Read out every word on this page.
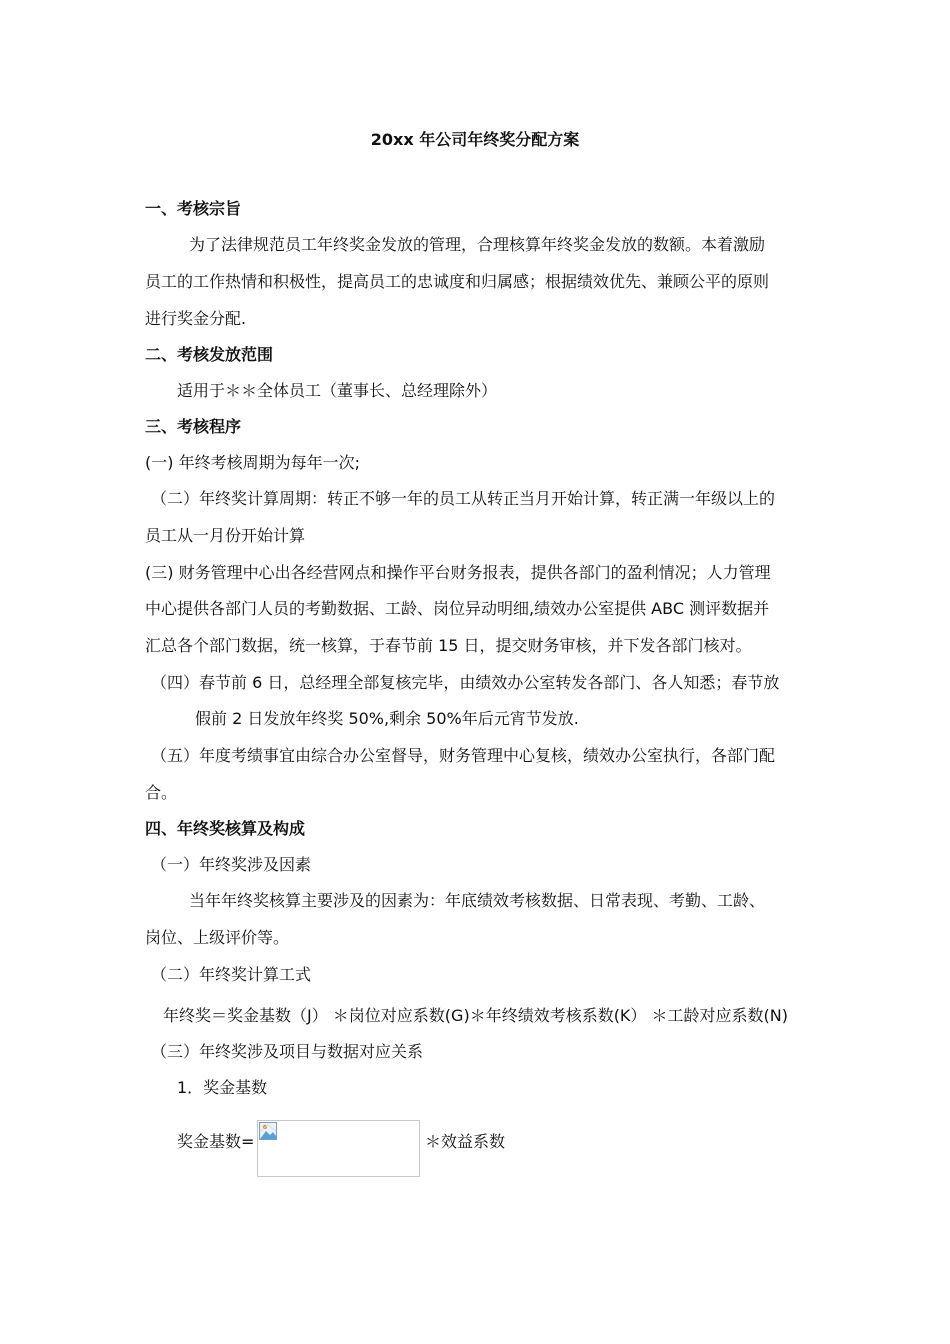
20xx 年公司年终奖分配方案
一、考核宗旨
为了法律规范员工年终奖金发放的管理，合理核算年终奖金发放的数额。本着激励
员工的工作热情和积极性，提高员工的忠诚度和归属感；根据绩效优先、兼顾公平的原则
进行奖金分配.
二、考核发放范围
适用于＊＊全体员工（董事长、总经理除外）
三、考核程序
(一) 年终考核周期为每年一次;
（二）年终奖计算周期：转正不够一年的员工从转正当月开始计算，转正满一年级以上的
员工从一月份开始计算
(三) 财务管理中心出各经营网点和操作平台财务报表，提供各部门的盈利情况；人力管理
中心提供各部门人员的考勤数据、工龄、岗位异动明细,绩效办公室提供 ABC 测评数据并
汇总各个部门数据，统一核算，于春节前 15 日，提交财务审核，并下发各部门核对。
（四）春节前 6 日，总经理全部复核完毕，由绩效办公室转发各部门、各人知悉；春节放
假前 2 日发放年终奖 50%,剩余 50%年后元宵节发放.
（五）年度考绩事宜由综合办公室督导，财务管理中心复核，绩效办公室执行，各部门配
合。
四、年终奖核算及构成
（一）年终奖涉及因素
当年年终奖核算主要涉及的因素为：年底绩效考核数据、日常表现、考勤、工龄、
岗位、上级评价等。
（二）年终奖计算工式
年终奖＝奖金基数（J） ＊岗位对应系数(G)＊年终绩效考核系数(K） ＊工龄对应系数(N)
（三）年终奖涉及项目与数据对应关系
1．奖金基数
奖金基数=	＊效益系数
